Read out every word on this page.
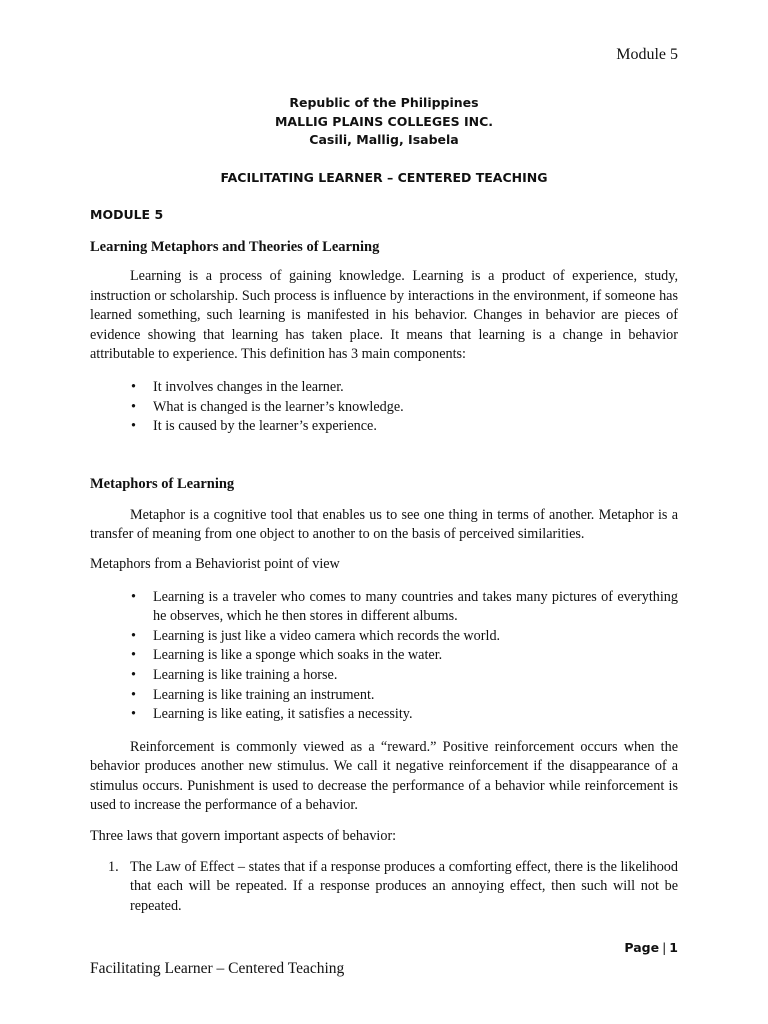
Module 5
Republic of the Philippines
MALLIG PLAINS COLLEGES INC.
Casili, Mallig, Isabela
FACILITATING LEARNER – CENTERED TEACHING
MODULE 5
Learning Metaphors and Theories of Learning

Learning is a process of gaining knowledge. Learning is a product of experience, study, instruction or scholarship. Such process is influence by interactions in the environment, if someone has learned something, such learning is manifested in his behavior. Changes in behavior are pieces of evidence showing that learning has taken place. It means that learning is a change in behavior attributable to experience. This definition has 3 main components:

• It involves changes in the learner.
• What is changed is the learner’s knowledge.
• It is caused by the learner’s experience.
Metaphors of Learning

Metaphor is a cognitive tool that enables us to see one thing in terms of another. Metaphor is a transfer of meaning from one object to another to on the basis of perceived similarities.

Metaphors from a Behaviorist point of view

• Learning is a traveler who comes to many countries and takes many pictures of everything he observes, which he then stores in different albums.
• Learning is just like a video camera which records the world.
• Learning is like a sponge which soaks in the water.
• Learning is like training a horse.
• Learning is like training an instrument.
• Learning is like eating, it satisfies a necessity.

Reinforcement is commonly viewed as a “reward.” Positive reinforcement occurs when the behavior produces another new stimulus. We call it negative reinforcement if the disappearance of a stimulus occurs. Punishment is used to decrease the performance of a behavior while reinforcement is used to increase the performance of a behavior.

Three laws that govern important aspects of behavior:

1. The Law of Effect – states that if a response produces a comforting effect, there is the likelihood that each will be repeated. If a response produces an annoying effect, then such will not be repeated.
Page | 1
Facilitating Learner – Centered Teaching
